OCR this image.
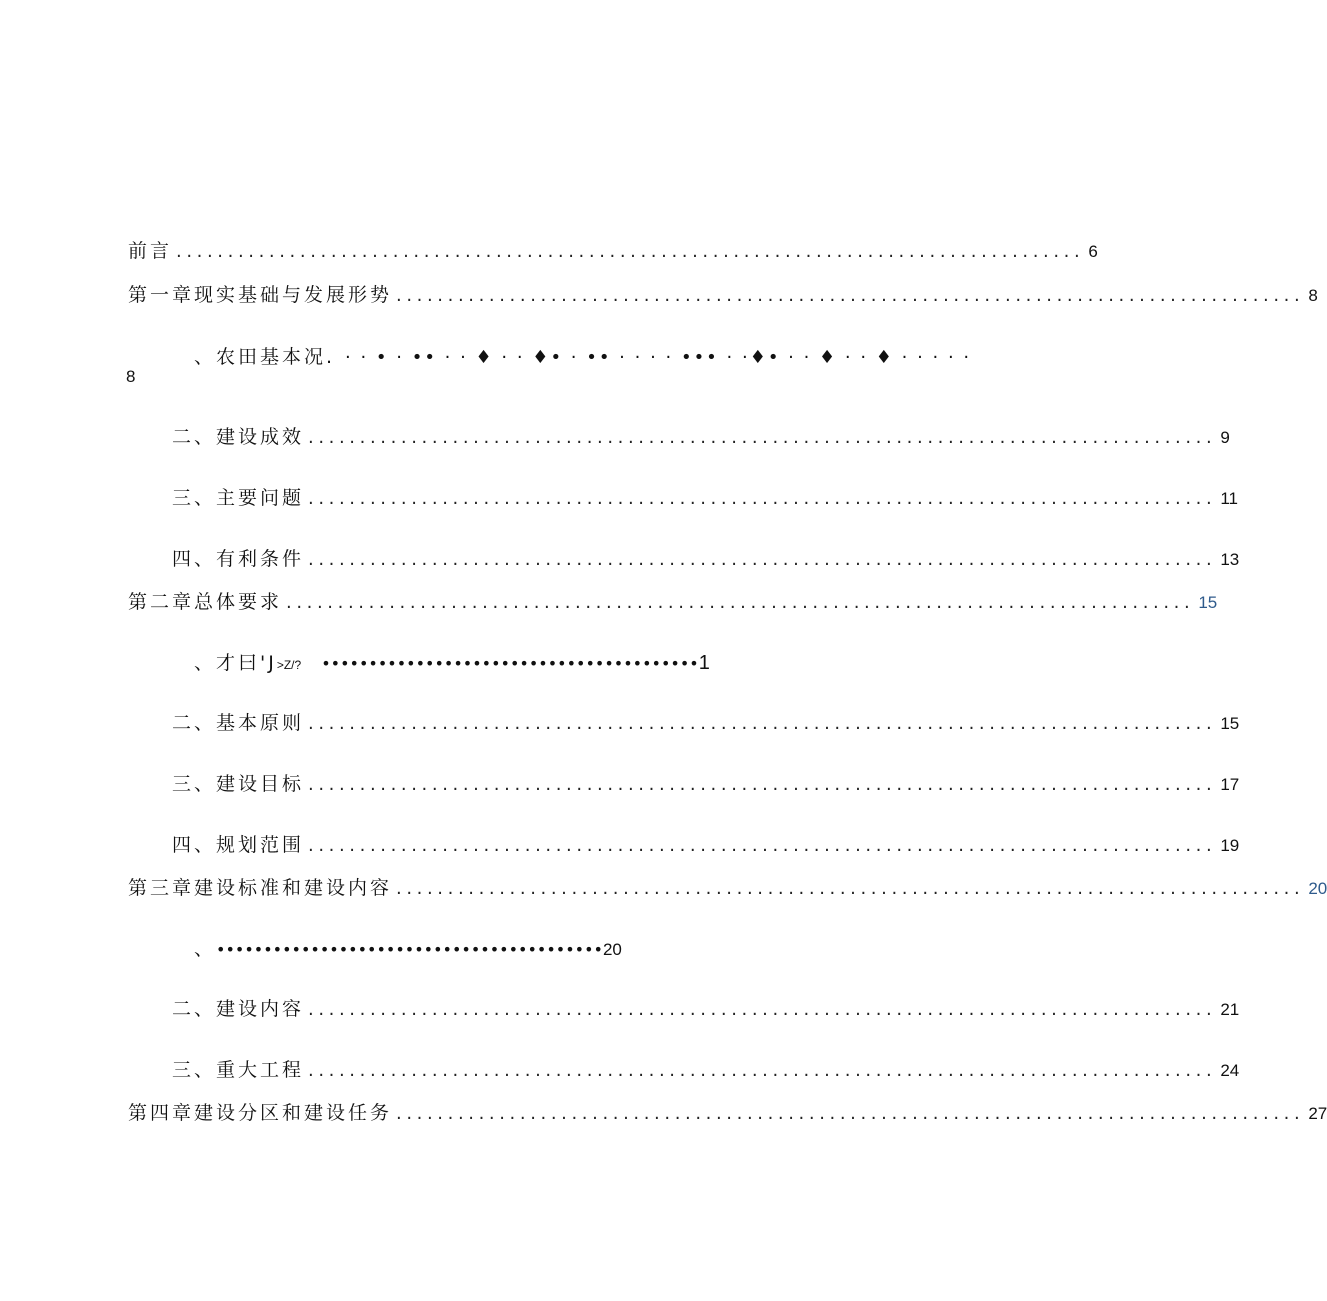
前言 ........................................................................................ 6
第一章现实基础与发展形势 ........................................................................................ 8
、农田基本况. · · • · •• · · ♦ · · ♦• · •• · · · · ••• · ·♦• · · ♦ · · ♦ · · · · ·
8
二、建设成效 ........................................................................................ 9
三、主要问题 ........................................................................................ 11
四、有利条件 ........................................................................................ 13
第二章总体要求 ........................................................................................ 15
、才曰'J >Z/? •••••••••••••••••••••••••••••••••••••••• 1
二、基本原则 ........................................................................................ 15
三、建设目标 ........................................................................................ 17
四、规划范围 ........................................................................................ 19
第三章建设标准和建设内容 ........................................................................................ 20
、 ••••••••••••••••••••••••••••••••••••••••• 20
二、建设内容 ........................................................................................ 21
三、重大工程 ........................................................................................ 24
第四章建设分区和建设任务 ........................................................................................ 27
